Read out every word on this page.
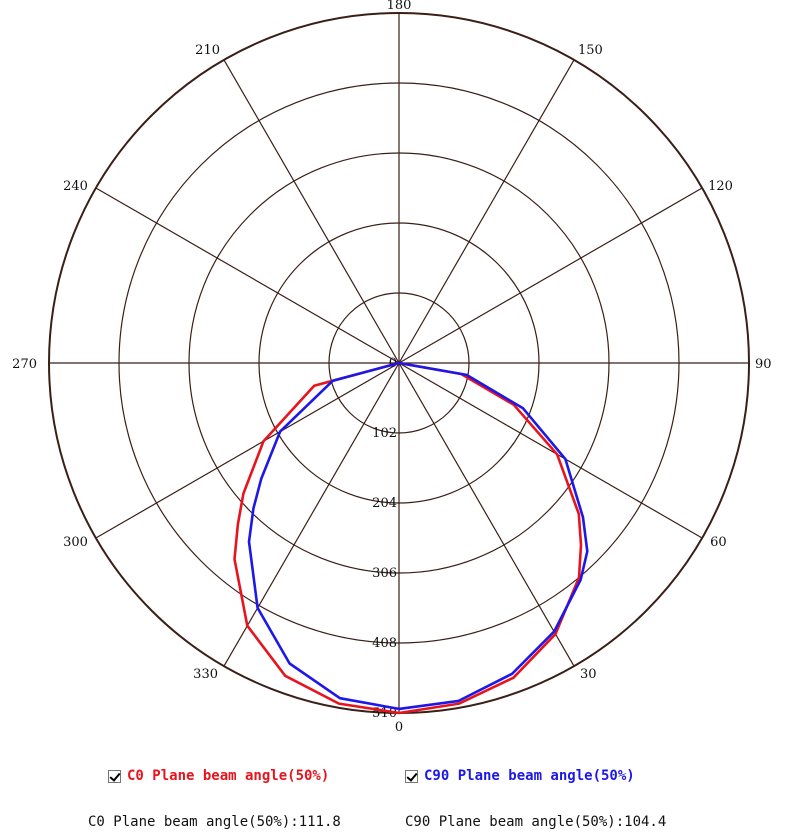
0
30
60
90
120
150
180
210
240
270
300
330
0
102
204
306
408
510
C0 Plane beam angle(50%)	C90 Plane beam angle(50%)
C0 Plane beam angle(50%):111.8	C90 Plane beam angle(50%):104.4
